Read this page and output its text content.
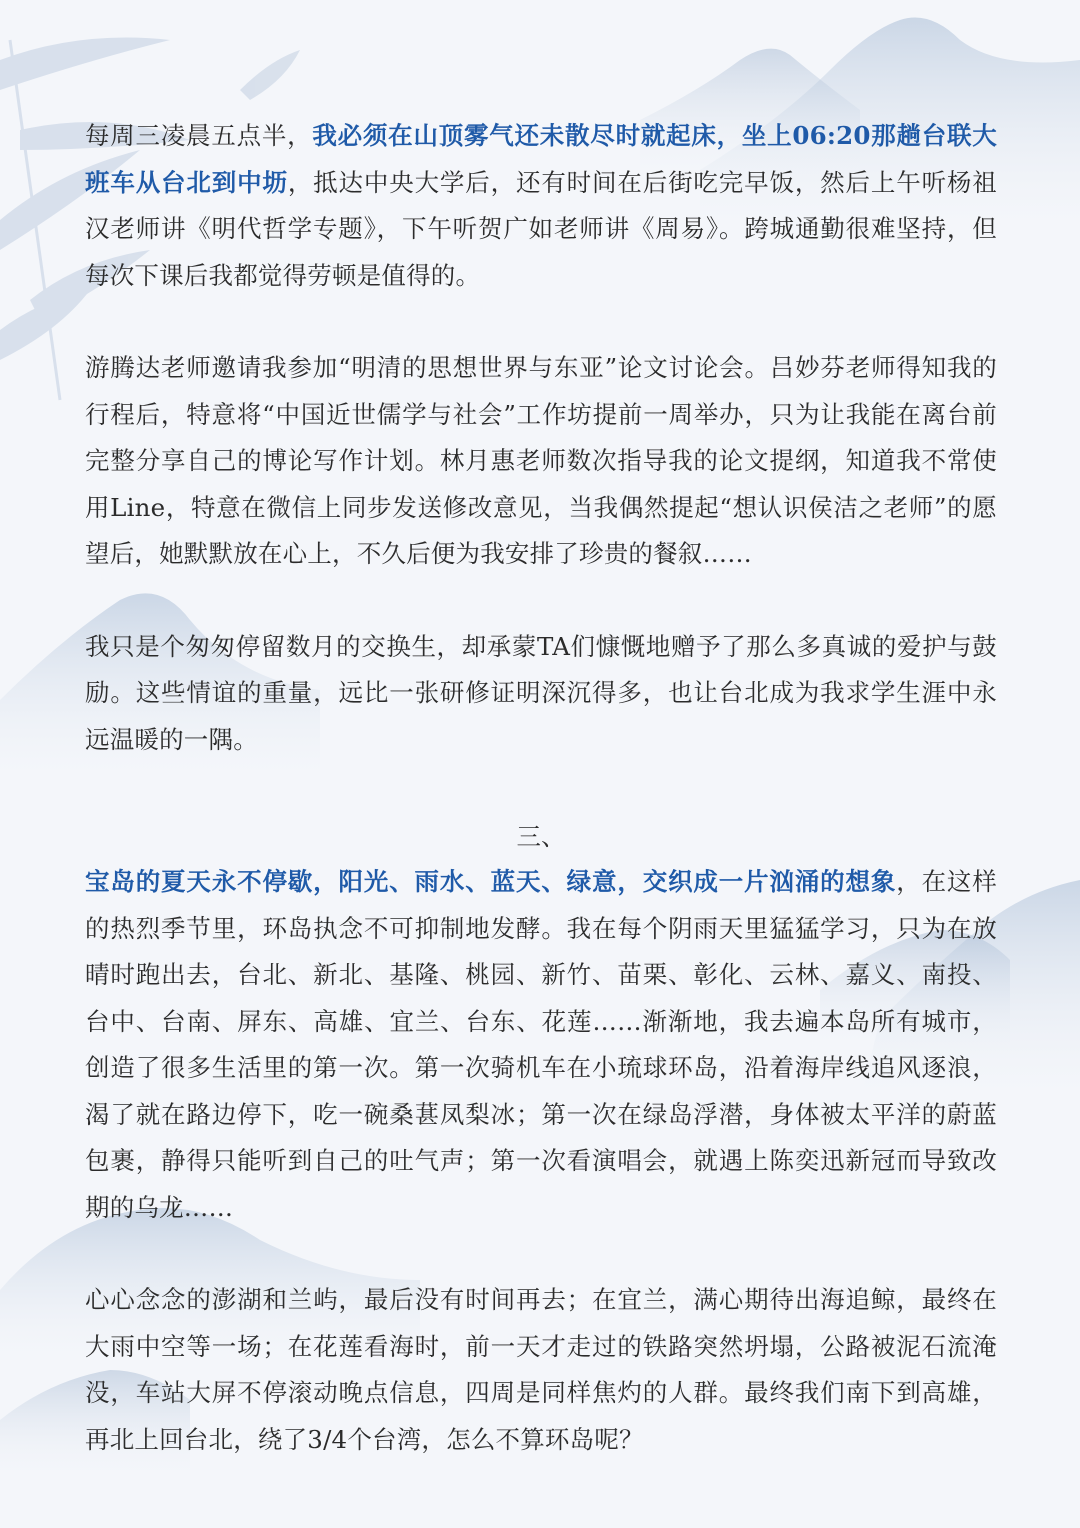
每周三凌晨五点半，我必须在山顶雾气还未散尽时就起床，坐上06:20那趟台联大班车从台北到中坜，抵达中央大学后，还有时间在后街吃完早饭，然后上午听杨祖汉老师讲《明代哲学专题》，下午听贺广如老师讲《周易》。跨城通勤很难坚持，但每次下课后我都觉得劳顿是值得的。

游腾达老师邀请我参加“明清的思想世界与东亚”论文讨论会。吕妙芬老师得知我的行程后，特意将“中国近世儒学与社会”工作坊提前一周举办，只为让我能在离台前完整分享自己的博论写作计划。林月惠老师数次指导我的论文提纲，知道我不常使用Line，特意在微信上同步发送修改意见，当我偶然提起“想认识侯洁之老师”的愿望后，她默默放在心上，不久后便为我安排了珍贵的餐叙……

我只是个匆匆停留数月的交换生，却承蒙TA们慷慨地赠予了那么多真诚的爱护与鼓励。这些情谊的重量，远比一张研修证明深沉得多，也让台北成为我求学生涯中永远温暖的一隅。

三、

宝岛的夏天永不停歇，阳光、雨水、蓝天、绿意，交织成一片汹涌的想象，在这样的热烈季节里，环岛执念不可抑制地发酵。我在每个阴雨天里猛猛学习，只为在放晴时跑出去，台北、新北、基隆、桃园、新竹、苗栗、彰化、云林、嘉义、南投、台中、台南、屏东、高雄、宜兰、台东、花莲……渐渐地，我去遍本岛所有城市，创造了很多生活里的第一次。第一次骑机车在小琉球环岛，沿着海岸线追风逐浪，渴了就在路边停下，吃一碗桑葚凤梨冰；第一次在绿岛浮潜，身体被太平洋的蔚蓝包裹，静得只能听到自己的吐气声；第一次看演唱会，就遇上陈奕迅新冠而导致改期的乌龙……

心心念念的澎湖和兰屿，最后没有时间再去；在宜兰，满心期待出海追鲸，最终在大雨中空等一场；在花莲看海时，前一天才走过的铁路突然坍塌，公路被泥石流淹没，车站大屏不停滚动晚点信息，四周是同样焦灼的人群。最终我们南下到高雄，再北上回台北，绕了3/4个台湾，怎么不算环岛呢？
